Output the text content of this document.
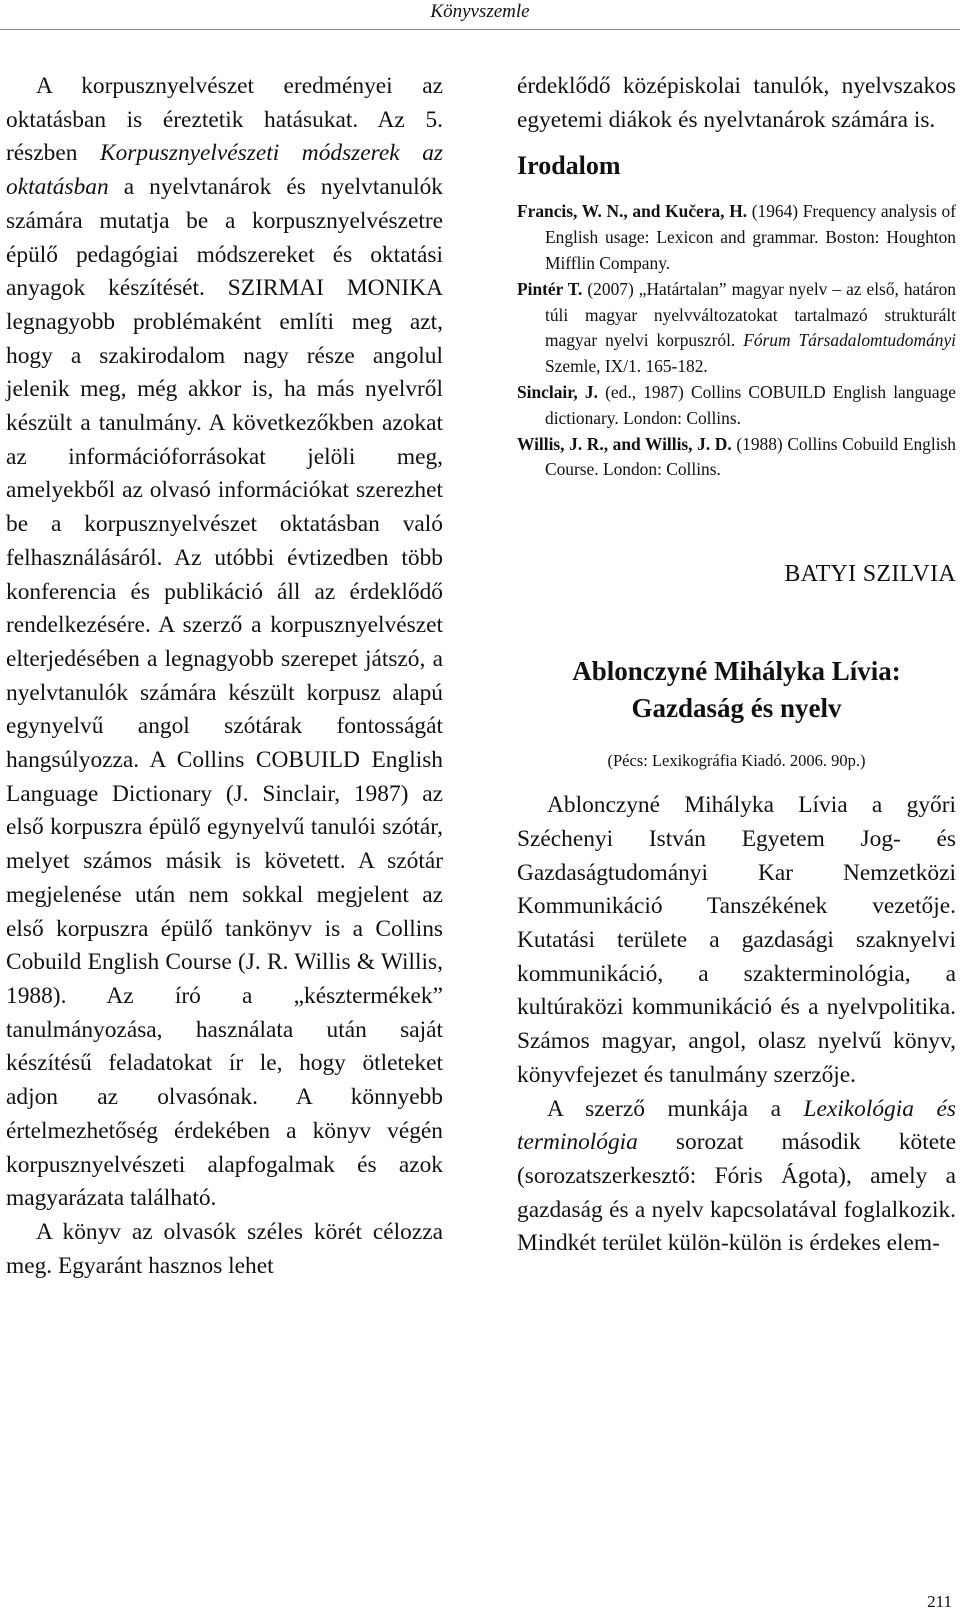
Könyvszemle

A korpusznyelvészet eredményei az oktatásban is éreztetik hatásukat. Az 5. részben Korpusznyelvészeti módszerek az oktatásban a nyelvtanárok és nyelvtanulók számára mutatja be a korpusznyelvészetre épülő pedagógiai módszereket és oktatási anyagok készítését. SZIRMAI MONIKA legnagyobb problémaként említi meg azt, hogy a szakirodalom nagy része angolul jelenik meg, még akkor is, ha más nyelvről készült a tanulmány. A következőkben azokat az információforrásokat jelöli meg, amelyekből az olvasó információkat szerezhet be a korpusznyelvészet oktatásban való felhasználásáról. Az utóbbi évtizedben több konferencia és publikáció áll az érdeklődő rendelkezésére. A szerző a korpusznyelvészet elterjedésében a legnagyobb szerepet játszó, a nyelvtanulók számára készült korpusz alapú egynyelvű angol szótárak fontosságát hangsúlyozza. A Collins COBUILD English Language Dictionary (J. Sinclair, 1987) az első korpuszra épülő egynyelvű tanulói szótár, melyet számos másik is követett. A szótár megjelenése után nem sokkal megjelent az első korpuszra épülő tankönyv is a Collins Cobuild English Course (J. R. Willis & Willis, 1988). Az író a „késztermékek” tanulmányozása, használata után saját készítésű feladatokat ír le, hogy ötleteket adjon az olvasónak. A könnyebb értelmezhetőség érdekében a könyv végén korpusznyelvészeti alapfogalmak és azok magyarázata található.

A könyv az olvasók széles körét célozza meg. Egyaránt hasznos lehet

érdeklődő középiskolai tanulók, nyelvszakos egyetemi diákok és nyelvtanárok számára is.

Irodalom
Francis, W. N., and Kučera, H. (1964) Frequency analysis of English usage: Lexicon and grammar. Boston: Houghton Mifflin Company.
Pintér T. (2007) „Határtalan” magyar nyelv – az első, határon túli magyar nyelvváltozatokat tartalmazó strukturált magyar nyelvi korpuszról. Fórum Társadalomtudományi Szemle, IX/1. 165-182.
Sinclair, J. (ed., 1987) Collins COBUILD English language dictionary. London: Collins.
Willis, J. R., and Willis, J. D. (1988) Collins Cobuild English Course. London: Collins.
BATYI SZILVIA
Ablonczyné Mihályka Lívia:
Gazdaság és nyelv
(Pécs: Lexikográfia Kiadó. 2006. 90p.)

Ablonczyné Mihályka Lívia a győri Széchenyi István Egyetem Jog- és Gazdaságtudományi Kar Nemzetközi Kommunikáció Tanszékének vezetője. Kutatási területe a gazdasági szaknyelvi kommunikáció, a szakterminológia, a kultúraközi kommunikáció és a nyelvpolitika. Számos magyar, angol, olasz nyelvű könyv, könyvfejezet és tanulmány szerzője.

A szerző munkája a Lexikológia és terminológia sorozat második kötete (sorozatszerkesztő: Fóris Ágota), amely a gazdaság és a nyelv kapcsolatával foglalkozik. Mindkét terület külön-külön is érdekes elem-

211
